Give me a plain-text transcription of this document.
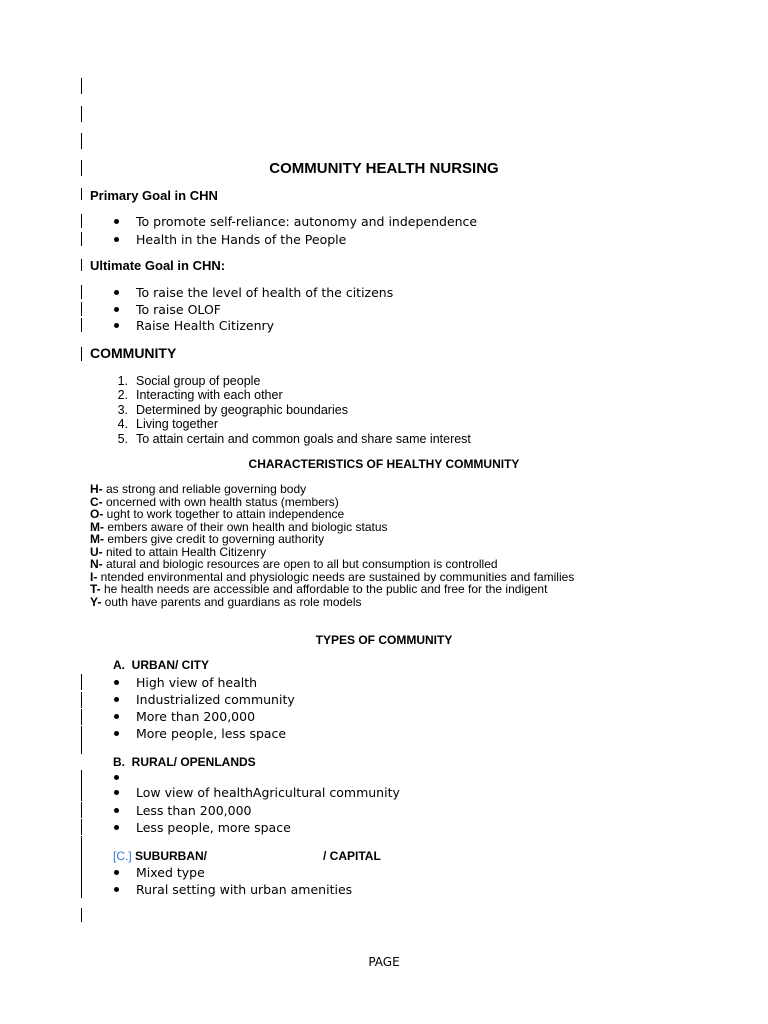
COMMUNITY HEALTH NURSING
Primary Goal in CHN
To promote self-reliance: autonomy and independence
Health in the Hands of the People
Ultimate Goal in CHN:
To raise the level of health of the citizens
To raise OLOF
Raise Health Citizenry
COMMUNITY
1. Social group of people
2. Interacting with each other
3. Determined by geographic boundaries
4. Living together
5. To attain certain and common goals and share same interest
CHARACTERISTICS OF HEALTHY COMMUNITY
H- as strong and reliable governing body
C- oncerned with own health status (members)
O- ught to work together to attain independence
M- embers aware of their own health and biologic status
M- embers give credit to governing authority
U- nited to attain Health Citizenry
N- atural and biologic resources are open to all but consumption is controlled
I- ntended environmental and physiologic needs are sustained by communities and families
T- he health needs are accessible and affordable to the public and free for the indigent
Y- outh have parents and guardians as role models
TYPES OF COMMUNITY
A. URBAN/ CITY
High view of health
Industrialized community
More than 200,000
More people, less space
B. RURAL/ OPENLANDS
Low view of healthAgricultural community
Less than 200,000
Less people, more space
[C.] SUBURBAN/	/ CAPITAL
Mixed type
Rural setting with urban amenities
PAGE
